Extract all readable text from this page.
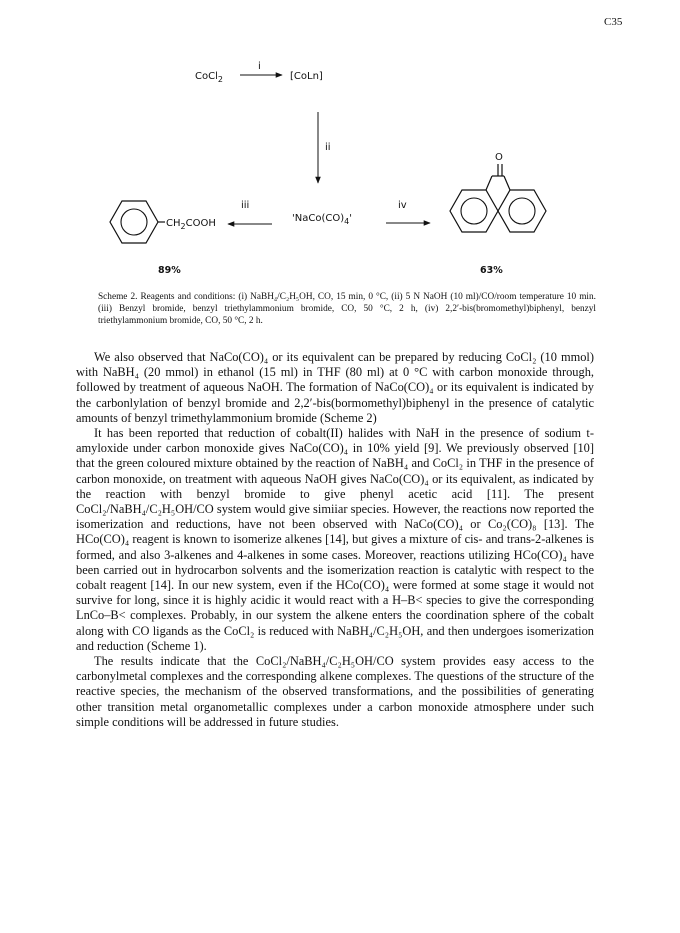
C35
CoCl$_2$
i
[CoLn]
ii
'$NaCo(CO)_4$'
iii	iv
$CH_2COOH$
O
89%	63%
Scheme 2. Reagents and conditions: (i) NaBH₄/C₂H₅OH, CO, 15 min, 0 °C, (ii) 5 N NaOH (10 ml)/CO/room temperature 10 min. (iii) Benzyl bromide, benzyl triethylammonium bromide, CO, 50 °C, 2 h, (iv) 2,2′-bis(bromomethyl)biphenyl, benzyl triethylammonium bromide, CO, 50 °C, 2 h.

We also observed that NaCo(CO)₄ or its equivalent can be prepared by reducing CoCl₂ (10 mmol) with NaBH₄ (20 mmol) in ethanol (15 ml) in THF (80 ml) at 0 °C with carbon monoxide through, followed by treatment of aqueous NaOH. The formation of NaCo(CO)₄ or its equivalent is indicated by the carbonlylation of benzyl bromide and 2,2′-bis(bormomethyl)biphenyl in the presence of catalytic amounts of benzyl trimethylammonium bromide (Scheme 2)

It has been reported that reduction of cobalt(II) halides with NaH in the presence of sodium t-amyloxide under carbon monoxide gives NaCo(CO)₄ in 10% yield [9]. We previously observed [10] that the green coloured mixture obtained by the reaction of NaBH₄ and CoCl₂ in THF in the presence of carbon monoxide, on treatment with aqueous NaOH gives NaCo(CO)₄ or its equivalent, as indicated by the reaction with benzyl bromide to give phenyl acetic acid [11]. The present CoCl₂/NaBH₄/C₂H₅OH/CO system would give simiiar species. However, the reactions now reported the isomerization and reductions, have not been observed with NaCo(CO)₄ or Co₂(CO)₈ [13]. The HCo(CO)₄ reagent is known to isomerize alkenes [14], but gives a mixture of cis- and trans-2-alkenes is formed, and also 3-alkenes and 4-alkenes in some cases. Moreover, reactions utilizing HCo(CO)₄ have been carried out in hydrocarbon solvents and the isomerization reaction is catalytic with respect to the cobalt reagent [14]. In our new system, even if the HCo(CO)₄ were formed at some stage it would not survive for long, since it is highly acidic it would react with a H–B< species to give the corresponding LnCo–B< complexes. Probably, in our system the alkene enters the coordination sphere of the cobalt along with CO ligands as the CoCl₂ is reduced with NaBH₄/C₂H₅OH, and then undergoes isomerization and reduction (Scheme 1).

The results indicate that the CoCl₂/NaBH₄/C₂H₅OH/CO system provides easy access to the carbonylmetal complexes and the corresponding alkene complexes. The questions of the structure of the reactive species, the mechanism of the observed transformations, and the possibilities of generating other transition metal organometallic complexes under a carbon monoxide atmosphere under such simple conditions will be addressed in future studies.
